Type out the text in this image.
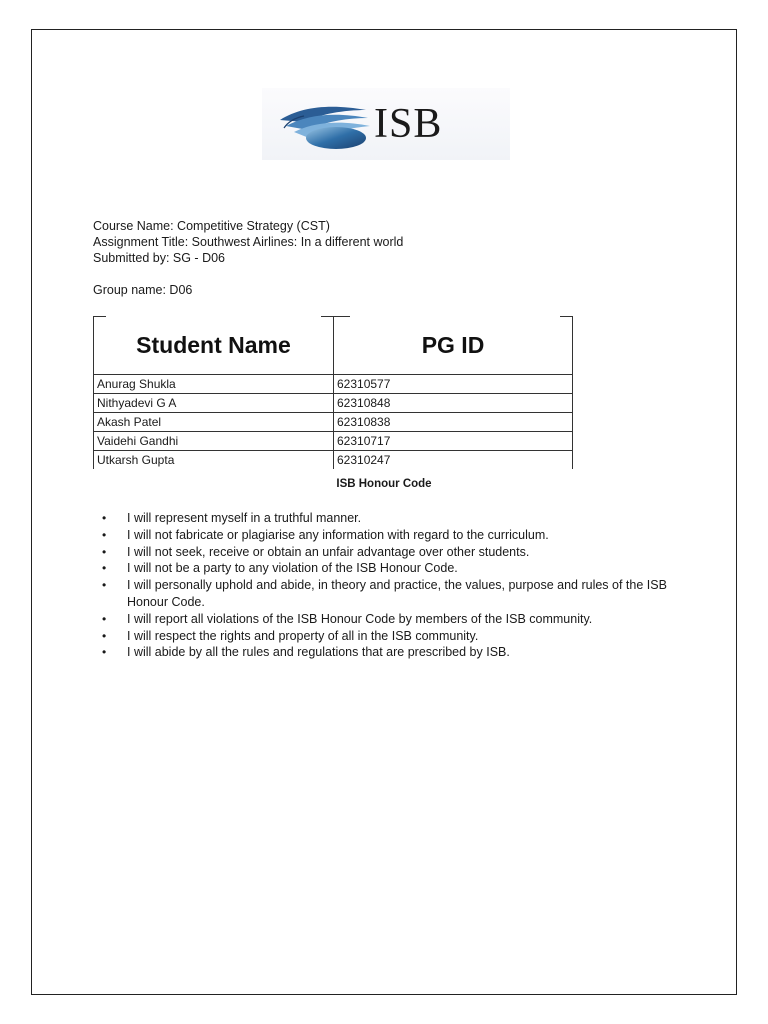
ISB
Course Name: Competitive Strategy (CST)
Assignment Title: Southwest Airlines: In a different world
Submitted by: SG - D06
Group name: D06
Student Name	PG ID
Anurag Shukla	62310577
Nithyadevi G A	62310848
Akash Patel	62310838
Vaidehi Gandhi	62310717
Utkarsh Gupta	62310247
ISB Honour Code
• I will represent myself in a truthful manner.
• I will not fabricate or plagiarise any information with regard to the curriculum.
• I will not seek, receive or obtain an unfair advantage over other students.
• I will not be a party to any violation of the ISB Honour Code.
• I will personally uphold and abide, in theory and practice, the values, purpose and rules of the ISB Honour Code.
• I will report all violations of the ISB Honour Code by members of the ISB community.
• I will respect the rights and property of all in the ISB community.
• I will abide by all the rules and regulations that are prescribed by ISB.
